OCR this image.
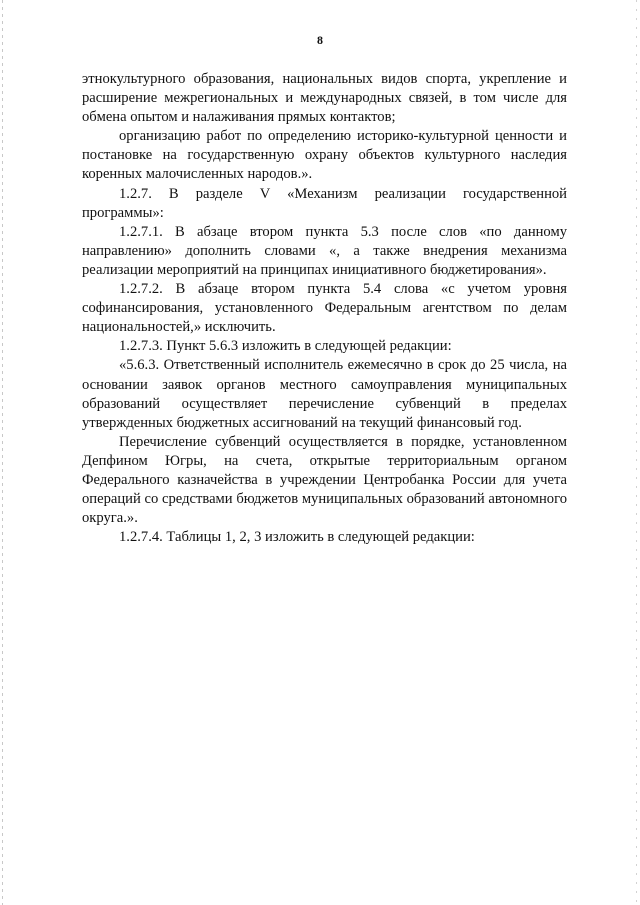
8

этнокультурного образования, национальных видов спорта, укрепление и расширение межрегиональных и международных связей, в том числе для обмена опытом и налаживания прямых контактов;

организацию работ по определению историко-культурной ценности и постановке на государственную охрану объектов культурного наследия коренных малочисленных народов.».

1.2.7. В разделе V «Механизм реализации государственной программы»:

1.2.7.1. В абзаце втором пункта 5.3 после слов «по данному направлению» дополнить словами «, а также внедрения механизма реализации мероприятий на принципах инициативного бюджетирования».

1.2.7.2. В абзаце втором пункта 5.4 слова «с учетом уровня софинансирования, установленного Федеральным агентством по делам национальностей,» исключить.

1.2.7.3. Пункт 5.6.3 изложить в следующей редакции:

«5.6.3. Ответственный исполнитель ежемесячно в срок до 25 числа, на основании заявок органов местного самоуправления муниципальных образований осуществляет перечисление субвенций в пределах утвержденных бюджетных ассигнований на текущий финансовый год.

Перечисление субвенций осуществляется в порядке, установленном Депфином Югры, на счета, открытые территориальным органом Федерального казначейства в учреждении Центробанка России для учета операций со средствами бюджетов муниципальных образований автономного округа.».

1.2.7.4. Таблицы 1, 2, 3 изложить в следующей редакции:
